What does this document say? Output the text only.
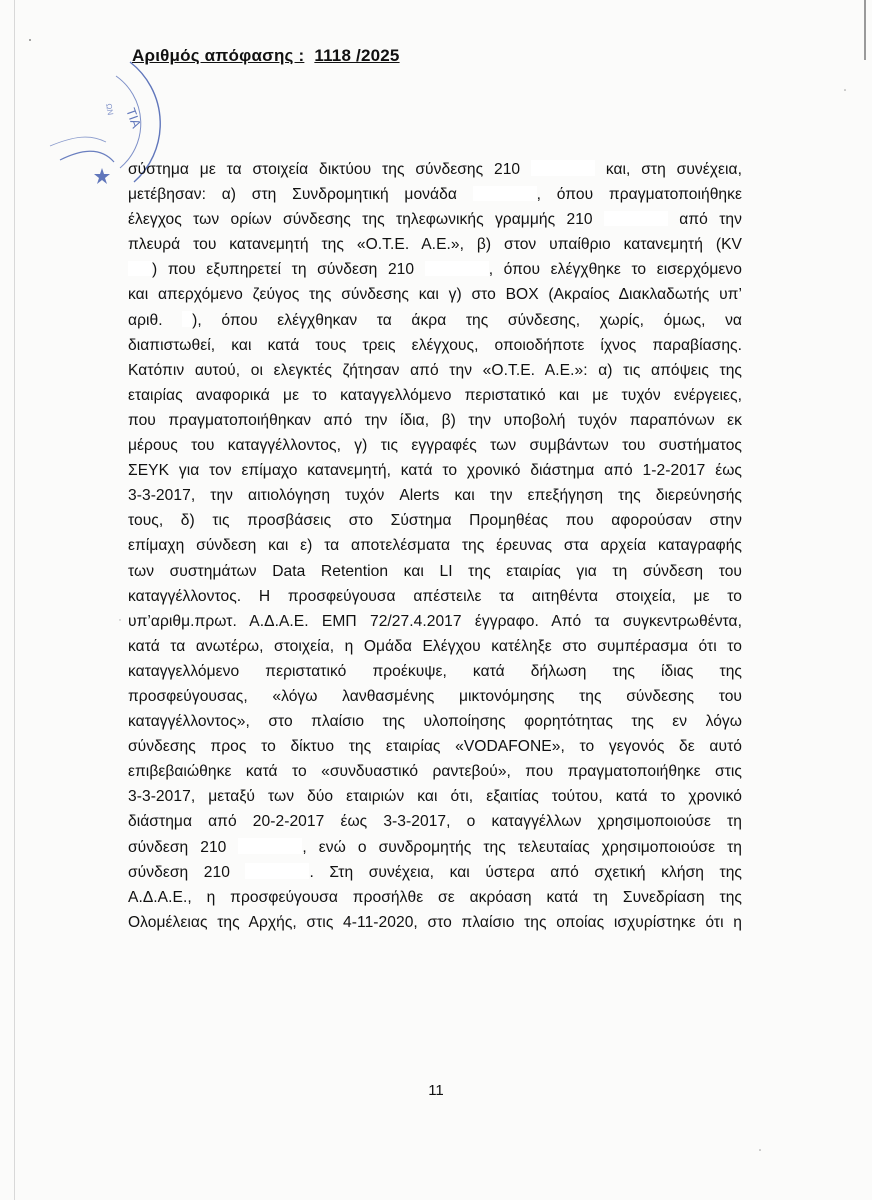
ΤΙΑ
ΩΝ
Αριθμός απόφασης : 1118 /2025
σύστημα με τα στοιχεία δικτύου της σύνδεσης 210	και, στη συνέχεια,
μετέβησαν: α) στη Συνδρομητική μονάδα	, όπου πραγματοποιήθηκε
έλεγχος των ορίων σύνδεσης της τηλεφωνικής γραμμής 210	από την
πλευρά του κατανεμητή της «Ο.Τ.Ε. Α.Ε.», β) στον υπαίθριο κατανεμητή (KV
) που εξυπηρετεί τη σύνδεση 210	, όπου ελέγχθηκε το εισερχόμενο
και απερχόμενο ζεύγος της σύνδεσης και γ) στο BOX (Ακραίος Διακλαδωτής υπ’
αριθ. ), όπου ελέγχθηκαν τα άκρα της σύνδεσης, χωρίς, όμως, να
διαπιστωθεί, και κατά τους τρεις ελέγχους, οποιοδήποτε ίχνος παραβίασης.
Κατόπιν αυτού, οι ελεγκτές ζήτησαν από την «Ο.Τ.Ε. Α.Ε.»: α) τις απόψεις της
εταιρίας αναφορικά με το καταγγελλόμενο περιστατικό και με τυχόν ενέργειες,
που πραγματοποιήθηκαν από την ίδια, β) την υποβολή τυχόν παραπόνων εκ
μέρους του καταγγέλλοντος, γ) τις εγγραφές των συμβάντων του συστήματος
ΣΕΥΚ για τον επίμαχο κατανεμητή, κατά το χρονικό διάστημα από 1-2-2017 έως
3-3-2017, την αιτιολόγηση τυχόν Alerts και την επεξήγηση της διερεύνησής
τους, δ) τις προσβάσεις στο Σύστημα Προμηθέας που αφορούσαν στην
επίμαχη σύνδεση και ε) τα αποτελέσματα της έρευνας στα αρχεία καταγραφής
των συστημάτων Data Retention και LI της εταιρίας για τη σύνδεση του
καταγγέλλοντος. Η προσφεύγουσα απέστειλε τα αιτηθέντα στοιχεία, με το
υπ’αριθμ.πρωτ. Α.Δ.Α.Ε. ΕΜΠ 72/27.4.2017 έγγραφο. Από τα συγκεντρωθέντα,
κατά τα ανωτέρω, στοιχεία, η Ομάδα Ελέγχου κατέληξε στο συμπέρασμα ότι το
καταγγελλόμενο περιστατικό προέκυψε, κατά δήλωση της ίδιας της
προσφεύγουσας, «λόγω λανθασμένης μικτονόμησης της σύνδεσης του
καταγγέλλοντος», στο πλαίσιο της υλοποίησης φορητότητας της εν λόγω
σύνδεσης προς το δίκτυο της εταιρίας «VODAFONE», το γεγονός δε αυτό
επιβεβαιώθηκε κατά το «συνδυαστικό ραντεβού», που πραγματοποιήθηκε στις
3-3-2017, μεταξύ των δύο εταιριών και ότι, εξαιτίας τούτου, κατά το χρονικό
διάστημα από 20-2-2017 έως 3-3-2017, ο καταγγέλλων χρησιμοποιούσε τη
σύνδεση 210	, ενώ ο συνδρομητής της τελευταίας χρησιμοποιούσε τη
σύνδεση 210	. Στη συνέχεια, και ύστερα από σχετική κλήση της
Α.Δ.Α.Ε., η προσφεύγουσα προσήλθε σε ακρόαση κατά τη Συνεδρίαση της
Ολομέλειας της Αρχής, στις 4-11-2020, στο πλαίσιο της οποίας ισχυρίστηκε ότι η
11
